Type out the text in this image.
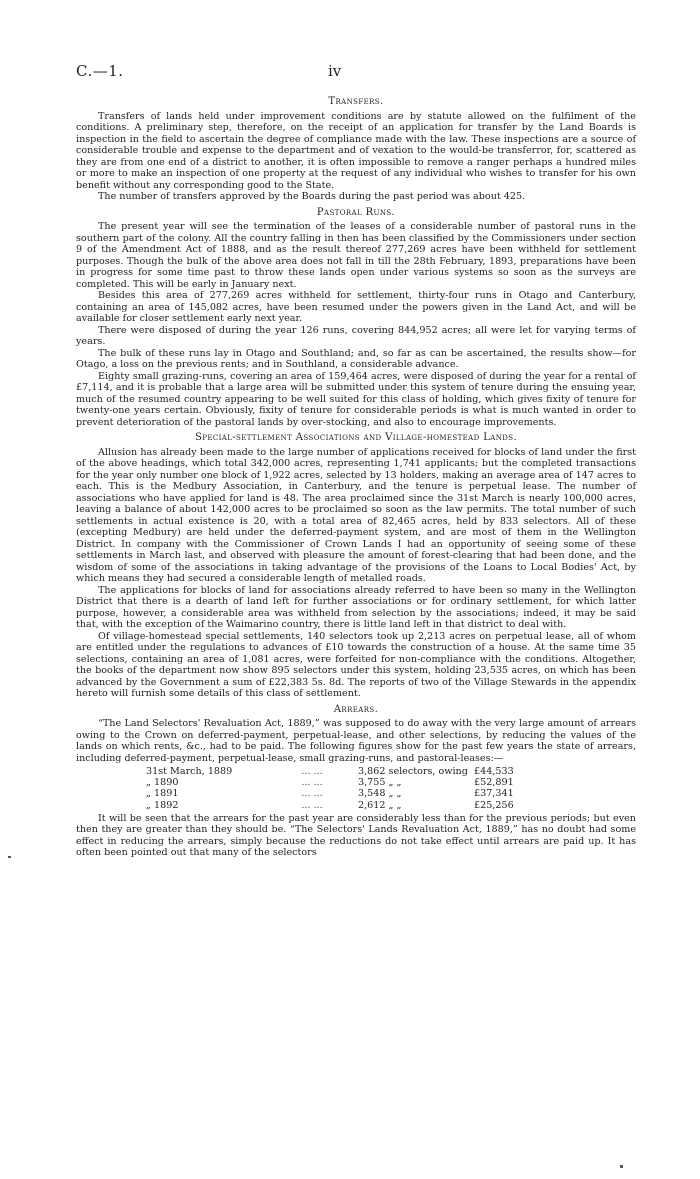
C.—1.	iv
Transfers.

Transfers of lands held under improvement conditions are by statute allowed on the fulfilment of the conditions. A preliminary step, therefore, on the receipt of an application for transfer by the Land Boards is inspection in the field to ascertain the degree of compliance made with the law. These inspections are a source of considerable trouble and expense to the department and of vexation to the would-be transferror, for, scattered as they are from one end of a district to another, it is often impossible to remove a ranger perhaps a hundred miles or more to make an inspection of one property at the request of any individual who wishes to transfer for his own benefit without any corresponding good to the State.

The number of transfers approved by the Boards during the past period was about 425.

Pastoral Runs.

The present year will see the termination of the leases of a considerable number of pastoral runs in the southern part of the colony. All the country falling in then has been classified by the Commissioners under section 9 of the Amendment Act of 1888, and as the result thereof 277,269 acres have been withheld for settlement purposes. Though the bulk of the above area does not fall in till the 28th February, 1893, preparations have been in progress for some time past to throw these lands open under various systems so soon as the surveys are completed. This will be early in January next.

Besides this area of 277,269 acres withheld for settlement, thirty-four runs in Otago and Canterbury, containing an area of 145,082 acres, have been resumed under the powers given in the Land Act, and will be available for closer settlement early next year.

There were disposed of during the year 126 runs, covering 844,952 acres; all were let for varying terms of years.

The bulk of these runs lay in Otago and Southland; and, so far as can be ascertained, the results show—for Otago, a loss on the previous rents; and in Southland, a considerable advance.

Eighty small grazing-runs, covering an area of 159,464 acres, were disposed of during the year for a rental of £7,114, and it is probable that a large area will be submitted under this system of tenure during the ensuing year, much of the resumed country appearing to be well suited for this class of holding, which gives fixity of tenure for twenty-one years certain. Obviously, fixity of tenure for considerable periods is what is much wanted in order to prevent deterioration of the pastoral lands by over-stocking, and also to encourage improvements.

Special-settlement Associations and Village-homestead Lands.

Allusion has already been made to the large number of applications received for blocks of land under the first of the above headings, which total 342,000 acres, representing 1,741 applicants; but the completed transactions for the year only number one block of 1,922 acres, selected by 13 holders, making an average area of 147 acres to each. This is the Medbury Association, in Canterbury, and the tenure is perpetual lease. The number of associations who have applied for land is 48. The area proclaimed since the 31st March is nearly 100,000 acres, leaving a balance of about 142,000 acres to be proclaimed so soon as the law permits. The total number of such settlements in actual existence is 20, with a total area of 82,465 acres, held by 833 selectors. All of these (excepting Medbury) are held under the deferred-payment system, and are most of them in the Wellington District. In company with the Commissioner of Crown Lands I had an opportunity of seeing some of these settlements in March last, and observed with pleasure the amount of forest-clearing that had been done, and the wisdom of some of the associations in taking advantage of the provisions of the Loans to Local Bodies' Act, by which means they had secured a considerable length of metalled roads.

The applications for blocks of land for associations already referred to have been so many in the Wellington District that there is a dearth of land left for further associations or for ordinary settlement, for which latter purpose, however, a considerable area was withheld from selection by the associations; indeed, it may be said that, with the exception of the Waimarino country, there is little land left in that district to deal with.

Of village-homestead special settlements, 140 selectors took up 2,213 acres on perpetual lease, all of whom are entitled under the regulations to advances of £10 towards the construction of a house. At the same time 35 selections, containing an area of 1,081 acres, were forfeited for non-compliance with the conditions. Altogether, the books of the department now show 895 selectors under this system, holding 23,535 acres, on which has been advanced by the Government a sum of £22,383 5s. 8d. The reports of two of the Village Stewards in the appendix hereto will furnish some details of this class of settlement.

Arrears.

“The Land Selectors' Revaluation Act, 1889,” was supposed to do away with the very large amount of arrears owing to the Crown on deferred-payment, perpetual-lease, and other selections, by reducing the values of the lands on which rents, &c., had to be paid. The following figures show for the past few years the state of arrears, including deferred-payment, perpetual-lease, small grazing-runs, and pastoral-leases:—

31st March, 1889	... ...	3,862 selectors, owing	£44,533
„ 1890	... ...	3,755 „ „	£52,891
„ 1891	... ...	3,548 „ „	£37,341
„ 1892	... ...	2,612 „ „	£25,256

It will be seen that the arrears for the past year are considerably less than for the previous periods; but even then they are greater than they should be. “The Selectors' Lands Revaluation Act, 1889,” has no doubt had some effect in reducing the arrears, simply because the reductions do not take effect until arrears are paid up. It has often been pointed out that many of the selectors
